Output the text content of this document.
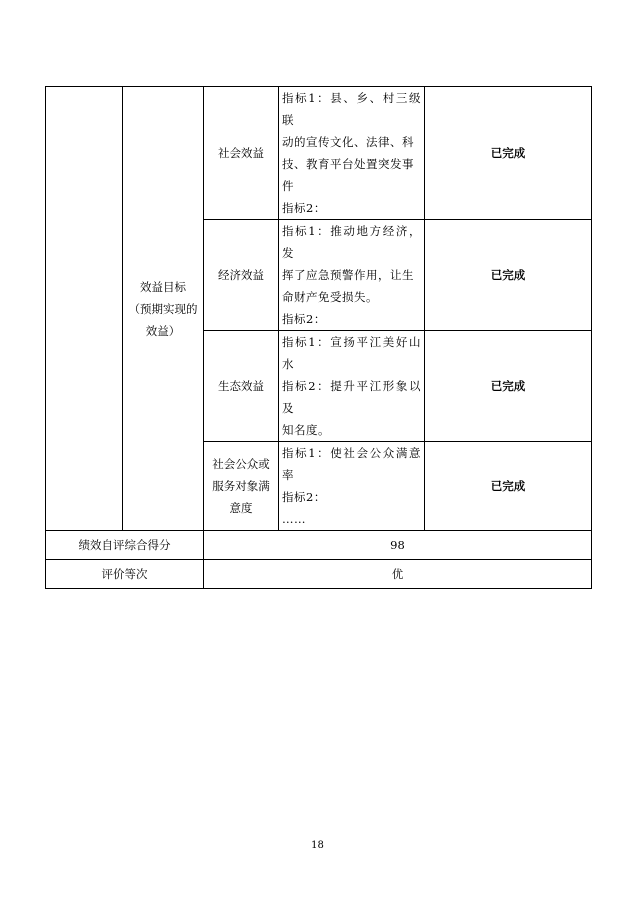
	效益目标
（预期实现的
效益）	社会效益	指标1：县、乡、村三级联
动的宣传文化、法律、科
技、教育平台处置突发事
件
指标2：	已完成

		经济效益	指标1：推动地方经济，发
挥了应急预警作用，让生
命财产免受损失。
指标2：	已完成

		生态效益	指标1：宣扬平江美好山水
指标2：提升平江形象以及
知名度。	已完成

		社会公众或
服务对象满
意度	指标1：使社会公众满意率
指标2：
……	已完成
绩效自评综合得分		98		
评价等次		优		
18
